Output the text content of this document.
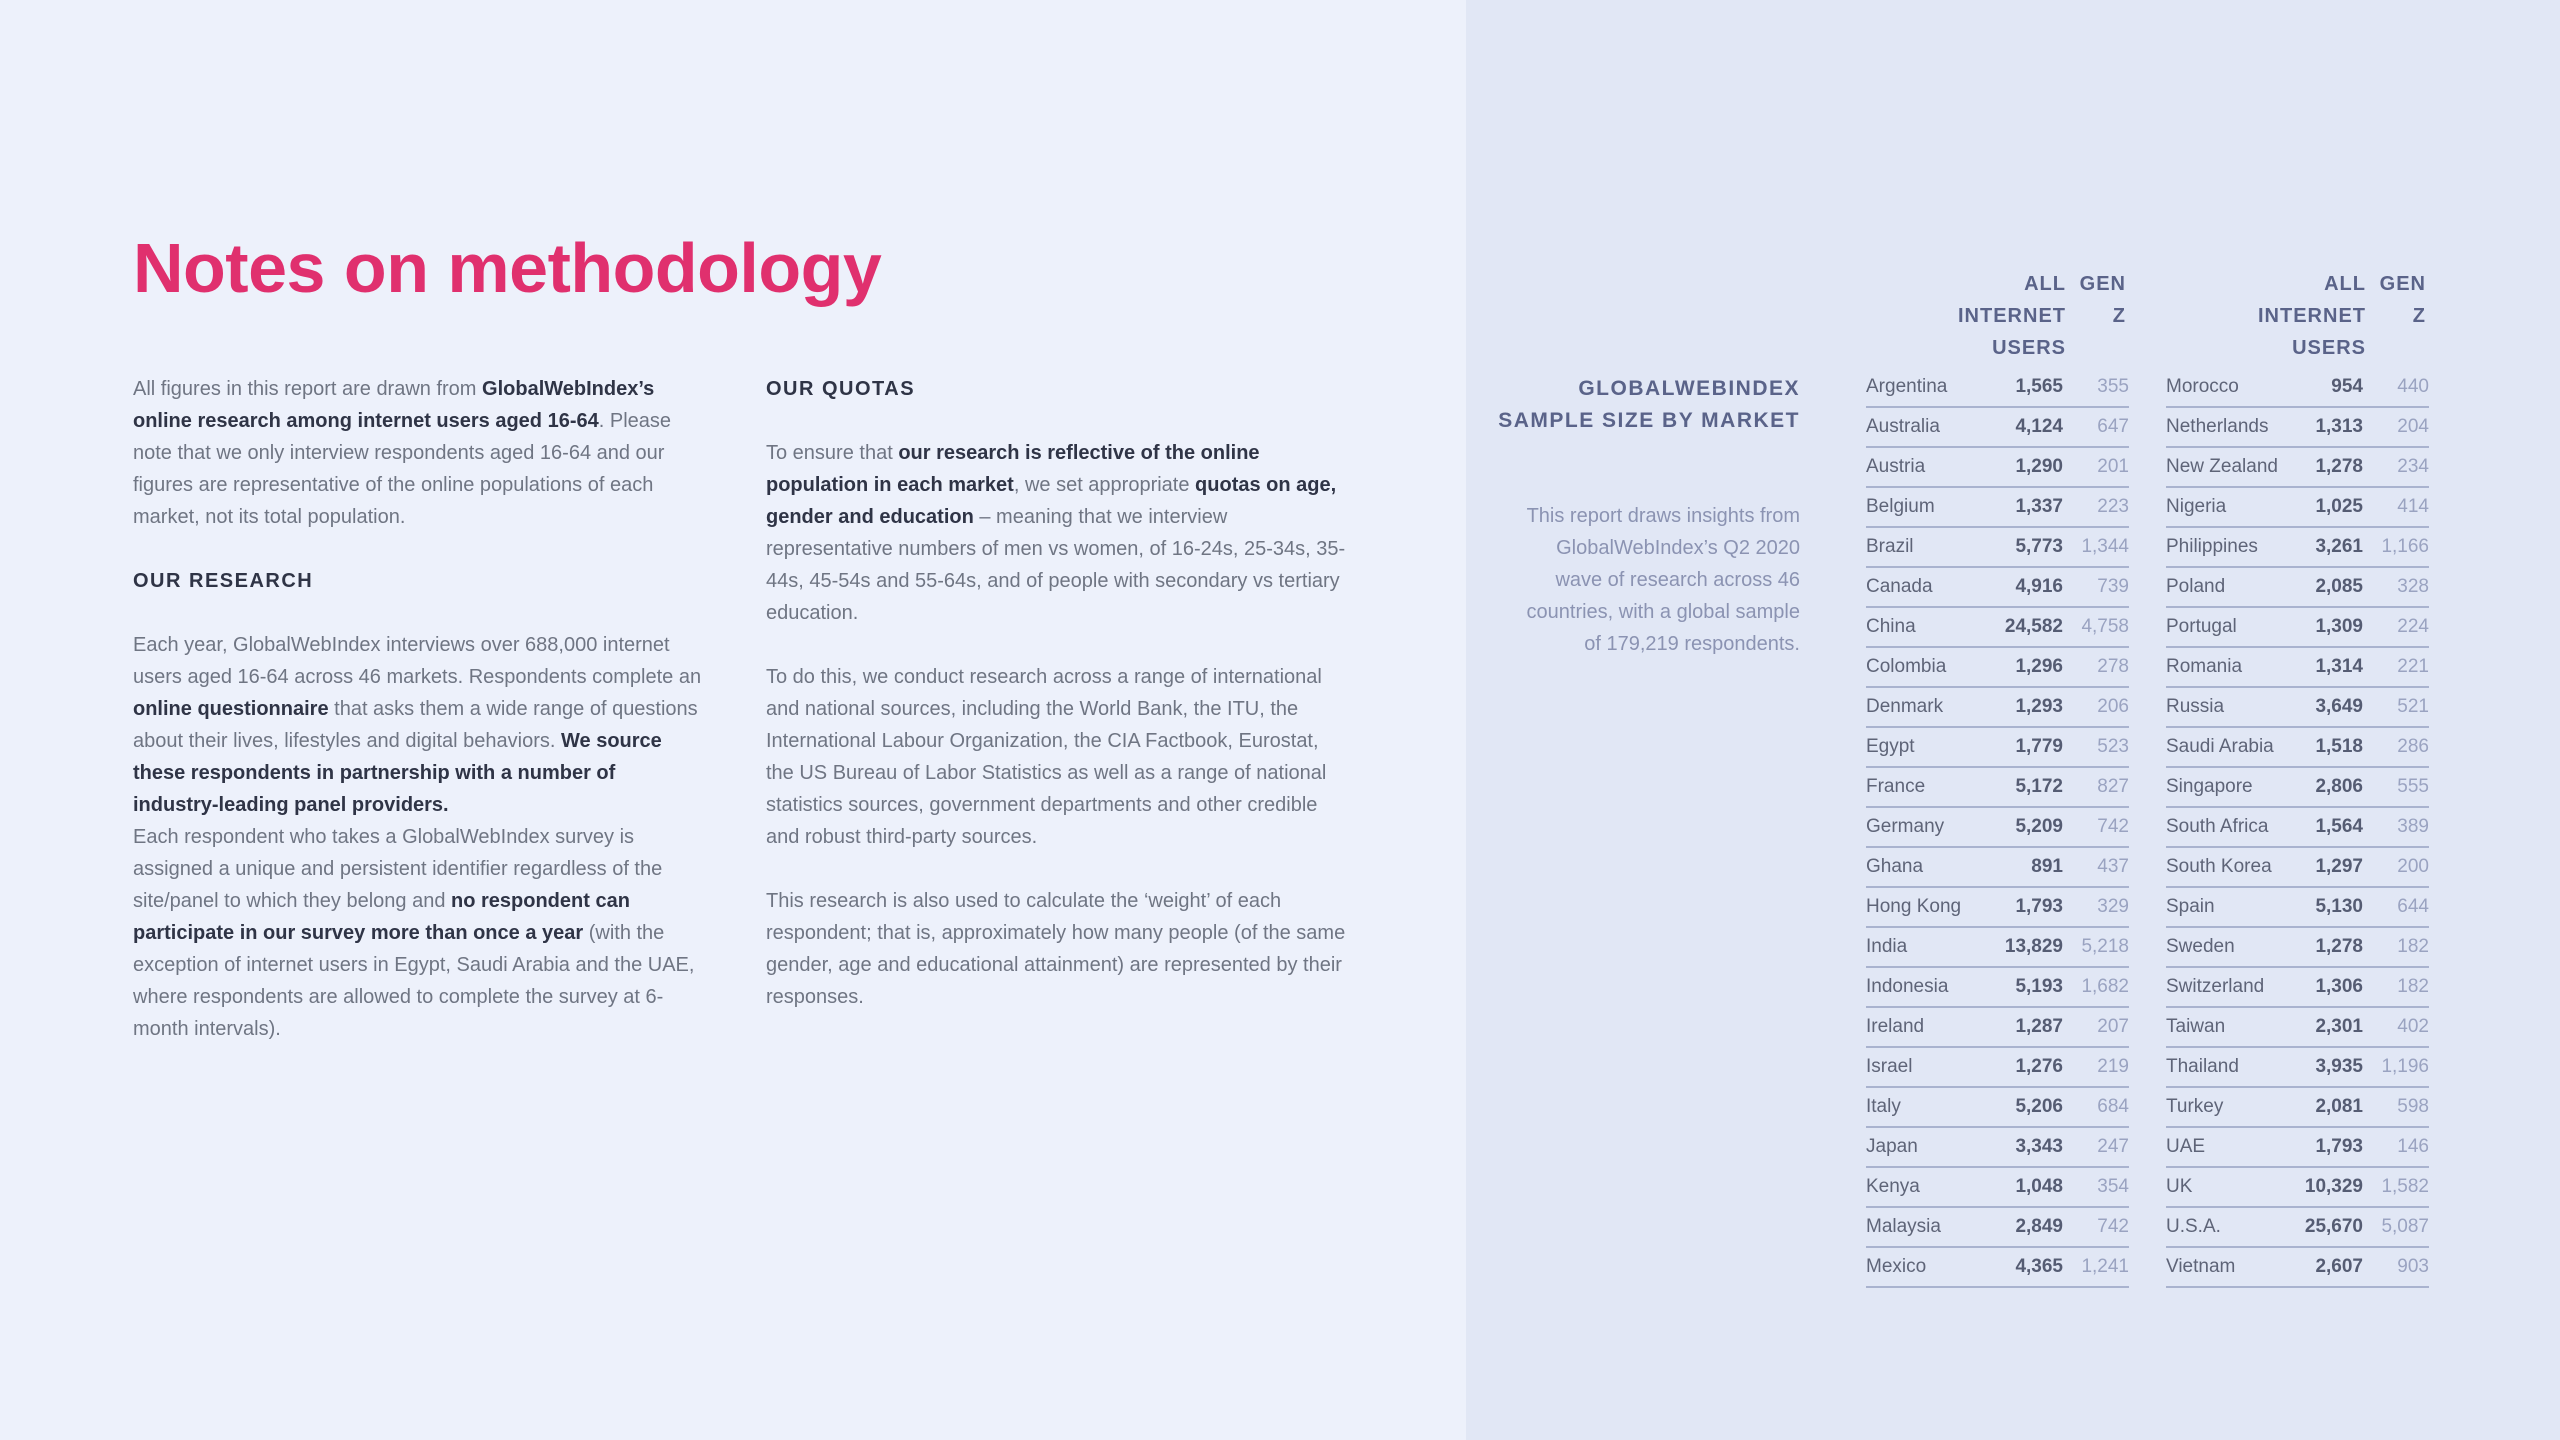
Notes on methodology

All figures in this report are drawn from GlobalWebIndex’s online research among internet users aged 16-64. Please note that we only interview respondents aged 16-64 and our figures are representative of the online populations of each market, not its total population.

OUR RESEARCH

Each year, GlobalWebIndex interviews over 688,000 internet users aged 16-64 across 46 markets. Respondents complete an online questionnaire that asks them a wide range of questions about their lives, lifestyles and digital behaviors. We source these respondents in partnership with a number of industry-leading panel providers.

Each respondent who takes a GlobalWebIndex survey is assigned a unique and persistent identifier regardless of the site/panel to which they belong and no respondent can participate in our survey more than once a year (with the exception of internet users in Egypt, Saudi Arabia and the UAE, where respondents are allowed to complete the survey at 6-month intervals).

OUR QUOTAS

To ensure that our research is reflective of the online population in each market, we set appropriate quotas on age, gender and education – meaning that we interview representative numbers of men vs women, of 16-24s, 25-34s, 35-44s, 45-54s and 55-64s, and of people with secondary vs tertiary education.

To do this, we conduct research across a range of international and national sources, including the World Bank, the ITU, the International Labour Organization, the CIA Factbook, Eurostat, the US Bureau of Labor Statistics as well as a range of national statistics sources, government departments and other credible and robust third-party sources.

This research is also used to calculate the ‘weight’ of each respondent; that is, approximately how many people (of the same gender, age and educational attainment) are represented by their responses.

GLOBALWEBINDEX SAMPLE SIZE BY MARKET

This report draws insights from GlobalWebIndex’s Q2 2020 wave of research across 46 countries, with a global sample of 179,219 respondents.

ALL INTERNET USERS
GEN Z
Argentina	1,565 355
Australia	4,124 647
Austria	1,290 201
Belgium	1,337 223
Brazil	5,773 1,344
Canada	4,916 739
China	24,582 4,758
Colombia	1,296 278
Denmark	1,293 206
Egypt	1,779 523
France	5,172 827
Germany	5,209 742
Ghana	891 437
Hong Kong	1,793 329
India	13,829 5,218
Indonesia	5,193 1,682
Ireland	1,287 207
Israel	1,276 219
Italy	5,206 684
Japan	3,343 247
Kenya	1,048 354
Malaysia	2,849 742
Mexico	4,365 1,241
ALL INTERNET USERS
GEN Z
Morocco	954 440
Netherlands 1,313 204
New Zealand 1,278 234
Nigeria	1,025 414
Philippines	3,261 1,166
Poland	2,085 328
Portugal	1,309 224
Romania	1,314 221
Russia	3,649 521
Saudi Arabia 1,518 286
Singapore	2,806 555
South Africa 1,564 389
South Korea 1,297 200
Spain	5,130 644
Sweden	1,278 182
Switzerland	1,306 182
Taiwan	2,301 402
Thailand	3,935 1,196
Turkey	2,081 598
UAE	1,793 146
UK	10,329 1,582
U.S.A.	25,670 5,087
Vietnam	2,607 903
